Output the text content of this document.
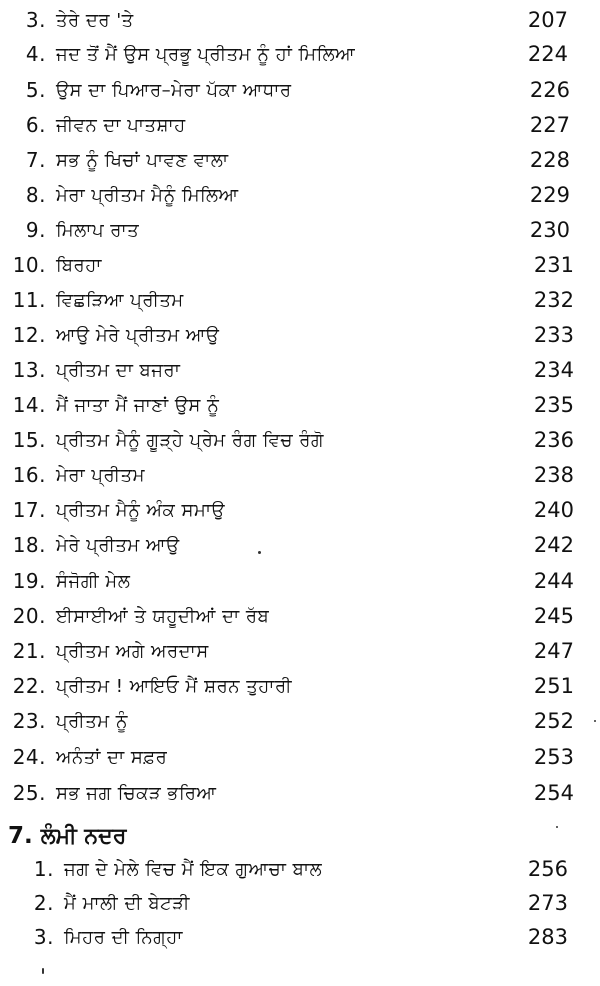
3. ਤੇਰੇ ਦਰ 'ਤੇ	207
4. ਜਦ ਤੋਂ ਮੈਂ ਉਸ ਪ੍ਰਭੂ ਪ੍ਰੀਤਮ ਨੂੰ ਹਾਂ ਮਿਲਿਆ	224
5. ਉਸ ਦਾ ਪਿਆਰ–ਮੇਰਾ ਪੱਕਾ ਆਧਾਰ	226
6. ਜੀਵਨ ਦਾ ਪਾਤਸ਼ਾਹ	227
7. ਸਭ ਨੂੰ ਖਿਚਾਂ ਪਾਵਣ ਵਾਲਾ	228
8. ਮੇਰਾ ਪ੍ਰੀਤਮ ਮੈਨੂੰ ਮਿਲਿਆ	229
9. ਮਿਲਾਪ ਰਾਤ	230
10. ਬਿਰਹਾ	231
11. ਵਿਛੜਿਆ ਪ੍ਰੀਤਮ	232
12. ਆਉ ਮੇਰੇ ਪ੍ਰੀਤਮ ਆਉ	233
13. ਪ੍ਰੀਤਮ ਦਾ ਬਜਰਾ	234
14. ਮੈਂ ਜਾਤਾ ਮੈਂ ਜਾਣਾਂ ਉਸ ਨੂੰ	235
15. ਪ੍ਰੀਤਮ ਮੈਨੂੰ ਗੂੜ੍ਹੇ ਪ੍ਰੇਮ ਰੰਗ ਵਿਚ ਰੰਗੋ	236
16. ਮੇਰਾ ਪ੍ਰੀਤਮ	238
17. ਪ੍ਰੀਤਮ ਮੈਨੂੰ ਅੰਕ ਸਮਾਉ	240
18. ਮੇਰੇ ਪ੍ਰੀਤਮ ਆਉ	242
19. ਸੰਜੋਗੀ ਮੇਲ	244
20. ਈਸਾਈਆਂ ਤੇ ਯਹੂਦੀਆਂ ਦਾ ਰੱਬ	245
21. ਪ੍ਰੀਤਮ ਅਗੇ ਅਰਦਾਸ	247
22. ਪ੍ਰੀਤਮ ! ਆਇਓ ਮੈਂ ਸ਼ਰਨ ਤੁਹਾਰੀ	251
23. ਪ੍ਰੀਤਮ ਨੂੰ	252
24. ਅਨੰਤਾਂ ਦਾ ਸਫ਼ਰ	253
25. ਸਭ ਜਗ ਚਿਕੜ ਭਰਿਆ	254
7. ਲੰਮੀ ਨਦਰ
1. ਜਗ ਦੇ ਮੇਲੇ ਵਿਚ ਮੈਂ ਇਕ ਗੁਆਚਾ ਬਾਲ	256
2. ਮੈਂ ਮਾਲੀ ਦੀ ਬੇਟੜੀ	273
3. ਮਿਹਰ ਦੀ ਨਿਗ੍ਹਾ	283
